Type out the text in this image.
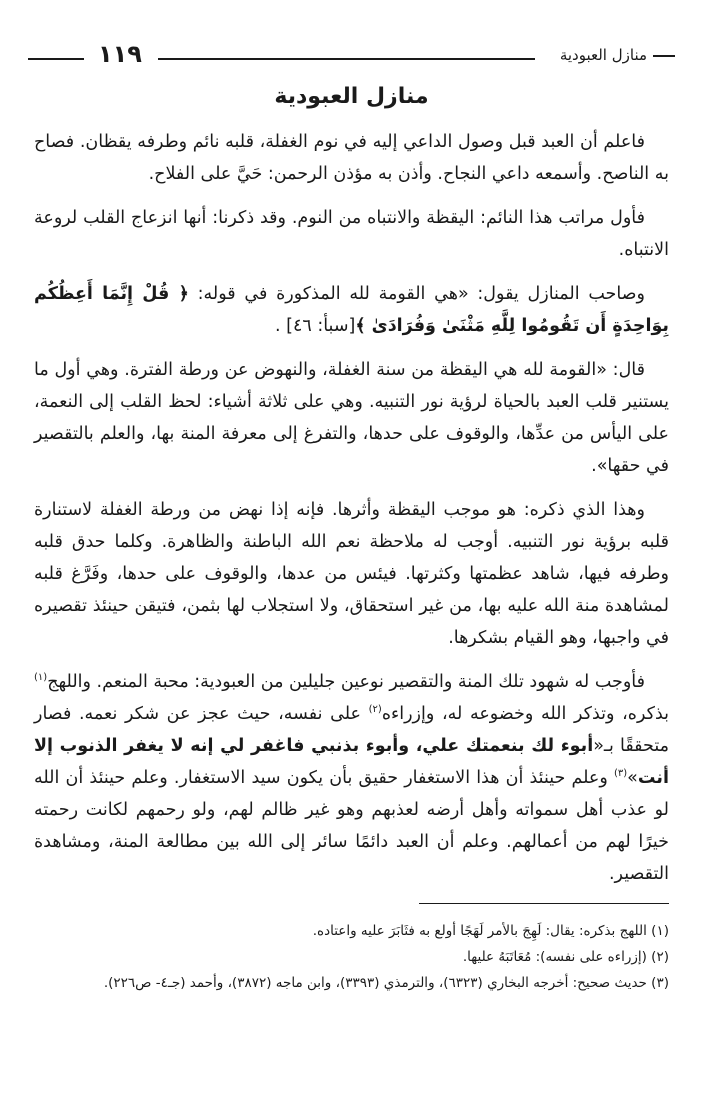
منازل العبودية
١١٩
منازل العبودية

فاعلم أن العبد قبل وصول الداعي إليه في نوم الغفلة، قلبه نائم وطرفه يقظان. فصاح به الناصح. وأسمعه داعي النجاح. وأذن به مؤذن الرحمن: حَيَّ على الفلاح.

فأول مراتب هذا النائم: اليقظة والانتباه من النوم. وقد ذكرنا: أنها انزعاج القلب لروعة الانتباه.

وصاحب المنازل يقول: «هي القومة لله المذكورة في قوله: ﴿ قُلْ إِنَّمَا أَعِظُكُم بِوَاحِدَةٍ أَن تَقُومُوا لِلَّهِ مَثْنَىٰ وَفُرَادَىٰ ﴾[سبأ: ٤٦] .

قال: «القومة لله هي اليقظة من سنة الغفلة، والنهوض عن ورطة الفترة. وهي أول ما يستنير قلب العبد بالحياة لرؤية نور التنبيه. وهي على ثلاثة أشياء: لحظ القلب إلى النعمة، على اليأس من عدِّها، والوقوف على حدها، والتفرغ إلى معرفة المنة بها، والعلم بالتقصير في حقها».

وهذا الذي ذكره: هو موجب اليقظة وأثرها. فإنه إذا نهض من ورطة الغفلة لاستنارة قلبه برؤية نور التنبيه. أوجب له ملاحظة نعم الله الباطنة والظاهرة. وكلما حدق قلبه وطرفه فيها، شاهد عظمتها وكثرتها. فيئس من عدها، والوقوف على حدها، وفَرَّغ قلبه لمشاهدة منة الله عليه بها، من غير استحقاق، ولا استجلاب لها بثمن، فتيقن حينئذ تقصيره في واجبها، وهو القيام بشكرها.

فأوجب له شهود تلك المنة والتقصير نوعين جليلين من العبودية: محبة المنعم. واللهج$^{(١)}$ بذكره، وتذكر الله وخضوعه له، وإزراءه$^{(٢)}$ على نفسه، حيث عجز عن شكر نعمه. فصار متحققًا بـ«أبوء لك بنعمتك علي، وأبوء بذنبي فاغفر لي إنه لا يغفر الذنوب إلا أنت»$^{(٣)}$ وعلم حينئذ أن هذا الاستغفار حقيق بأن يكون سيد الاستغفار. وعلم حينئذ أن الله لو عذب أهل سمواته وأهل أرضه لعذبهم وهو غير ظالم لهم، ولو رحمهم لكانت رحمته خيرًا لهم من أعمالهم. وعلم أن العبد دائمًا سائر إلى الله بين مطالعة المنة، ومشاهدة التقصير.

(١) اللهج بذكره: يقال: لَهِجَ بالأمر لَهَجًا أولع به فثَابَرَ عليه واعتاده.

(٢) (إزراءه على نفسه): مُعَاتَبَهُ عليها.

(٣) حديث صحيح: أخرجه البخاري (٦٣٢٣)، والترمذي (٣٣٩٣)، وابن ماجه (٣٨٧٢)، وأحمد (جـ٤- ص٢٢٦).
